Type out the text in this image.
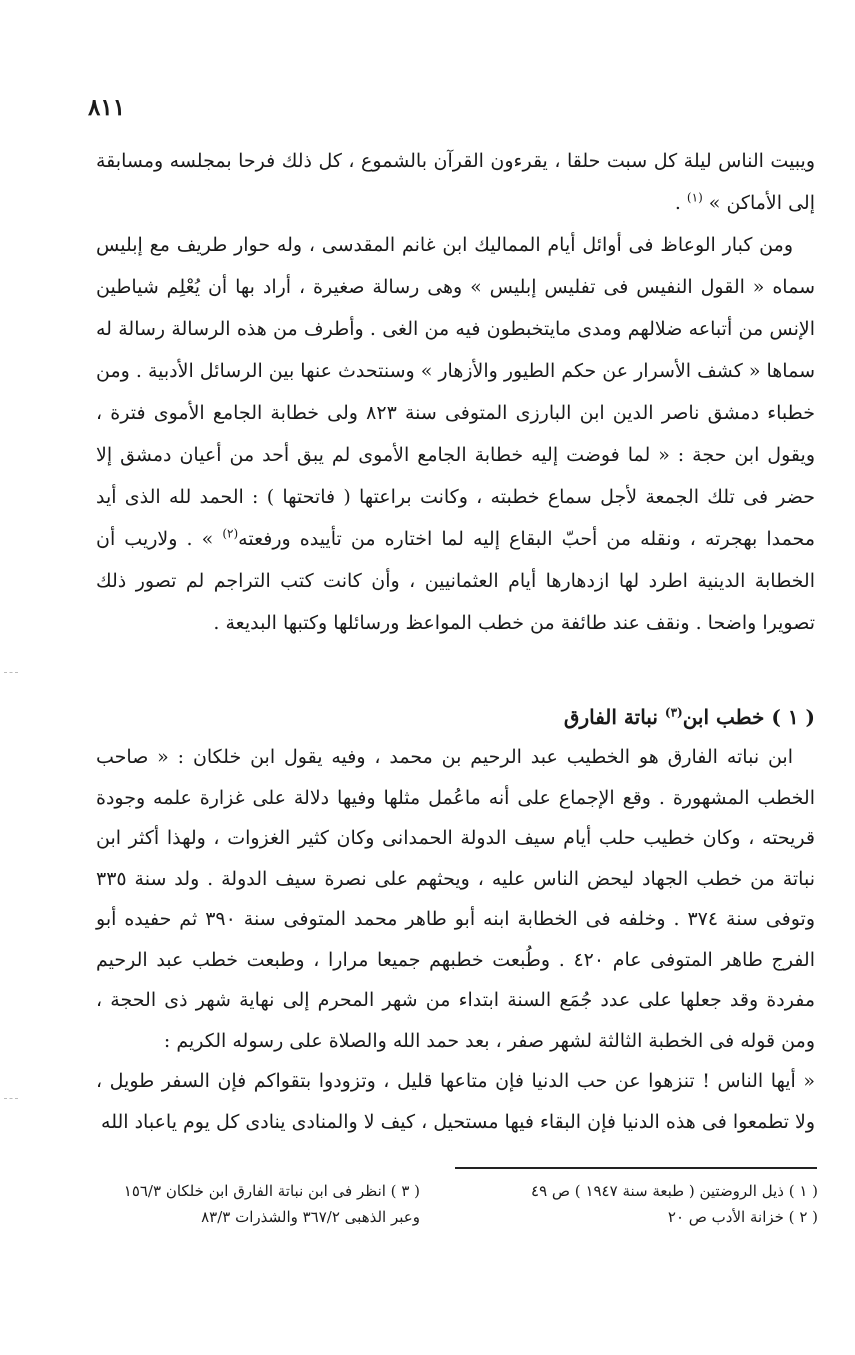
٨١١

ويبيت الناس ليلة كل سبت حلقا ، يقرءون القرآن بالشموع ، كل ذلك فرحا بمجلسه ومسابقة إلى الأماكن » $^{(١)}$ .

ومن كبار الوعاظ فى أوائل أيام المماليك ابن غانم المقدسى ، وله حوار طريف مع إبليس سماه « القول النفيس فى تفليس إبليس » وهى رسالة صغيرة ، أراد بها أن يُعْلِم شياطين الإنس من أتباعه ضلالهم ومدى مايتخبطون فيه من الغى . وأطرف من هذه الرسالة رسالة له سماها « كشف الأسرار عن حكم الطيور والأزهار » وسنتحدث عنها بين الرسائل الأدبية . ومن خطباء دمشق ناصر الدين ابن البارزى المتوفى سنة ٨٢٣ ولى خطابة الجامع الأموى فترة ، ويقول ابن حجة : « لما فوضت إليه خطابة الجامع الأموى لم يبق أحد من أعيان دمشق إلا حضر فى تلك الجمعة لأجل سماع خطبته ، وكانت براعتها ( فاتحتها ) : الحمد لله الذى أيد محمدا بهجرته ، ونقله من أحبّ البقاع إليه لما اختاره من تأييده ورفعته$^{(٢)}$ » . ولاريب أن الخطابة الدينية اطرد لها ازدهارها أيام العثمانيين ، وأن كانت كتب التراجم لم تصور ذلك تصويرا واضحا . ونقف عند طائفة من خطب المواعظ ورسائلها وكتبها البديعة .

( ١ ) خطب ابن$^{(٣)}$ نباتة الفارق

ابن نباته الفارق هو الخطيب عبد الرحيم بن محمد ، وفيه يقول ابن خلكان : « صاحب الخطب المشهورة . وقع الإجماع على أنه ماعُمل مثلها وفيها دلالة على غزارة علمه وجودة قريحته ، وكان خطيب حلب أيام سيف الدولة الحمدانى وكان كثير الغزوات ، ولهذا أكثر ابن نباتة من خطب الجهاد ليحض الناس عليه ، ويحثهم على نصرة سيف الدولة . ولد سنة ٣٣٥ وتوفى سنة ٣٧٤ . وخلفه فى الخطابة ابنه أبو طاهر محمد المتوفى سنة ٣٩٠ ثم حفيده أبو الفرج طاهر المتوفى عام ٤٢٠ . وطُبعت خطبهم جميعا مرارا ، وطبعت خطب عبد الرحيم مفردة وقد جعلها على عدد جُمَع السنة ابتداء من شهر المحرم إلى نهاية شهر ذى الحجة ، ومن قوله فى الخطبة الثالثة لشهر صفر ، بعد حمد الله والصلاة على رسوله الكريم :

« أيها الناس ! تنزهوا عن حب الدنيا فإن متاعها قليل ، وتزودوا بتقواكم فإن السفر طويل ، ولا تطمعوا فى هذه الدنيا فإن البقاء فيها مستحيل ، كيف لا والمنادى ينادى كل يوم ياعباد الله

( ١ ) ذيل الروضتين ( طبعة سنة ١٩٤٧ ) ص ٤٩

( ٢ ) خزانة الأدب ص ٢٠

( ٣ ) انظر فى ابن نباتة الفارق ابن خلكان ١٥٦/٣

وعبر الذهبى ٣٦٧/٢ والشذرات ٨٣/٣
